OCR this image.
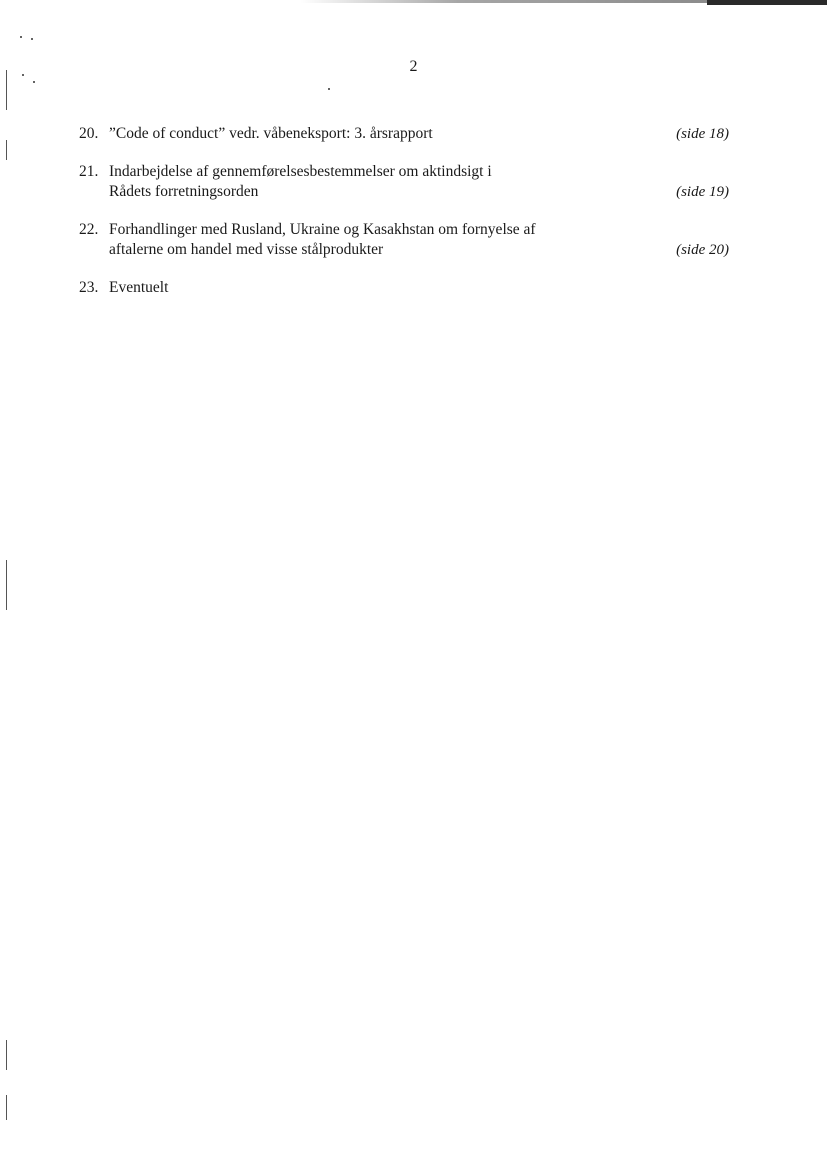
2
20. ”Code of conduct” vedr. våbeneksport: 3. årsrapport	(side 18)
21. Indarbejdelse af gennemførelsesbestemmelser om aktindsigt i
Rådets forretningsorden	(side 19)
22. Forhandlinger med Rusland, Ukraine og Kasakhstan om fornyelse af
aftalerne om handel med visse stålprodukter	(side 20)
23. Eventuelt
